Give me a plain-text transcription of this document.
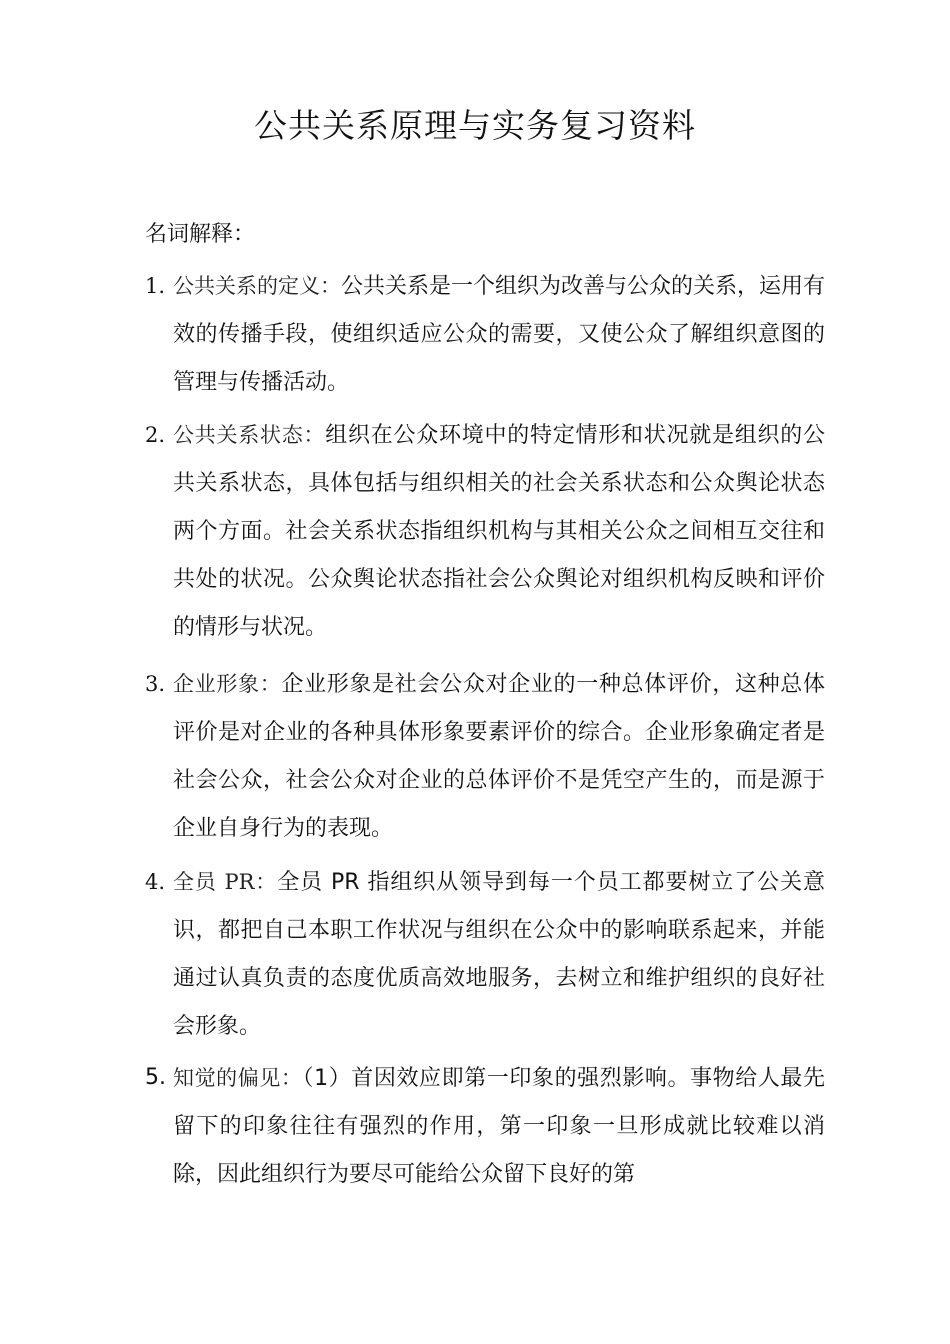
公共关系原理与实务复习资料
名词解释：
1. 公共关系的定义：公共关系是一个组织为改善与公众的关系，运用有效的传播手段，使组织适应公众的需要，又使公众了解组织意图的管理与传播活动。
2. 公共关系状态：组织在公众环境中的特定情形和状况就是组织的公共关系状态，具体包括与组织相关的社会关系状态和公众舆论状态两个方面。社会关系状态指组织机构与其相关公众之间相互交往和共处的状况。公众舆论状态指社会公众舆论对组织机构反映和评价的情形与状况。
3. 企业形象：企业形象是社会公众对企业的一种总体评价，这种总体评价是对企业的各种具体形象要素评价的综合。企业形象确定者是社会公众，社会公众对企业的总体评价不是凭空产生的，而是源于企业自身行为的表现。
4. 全员 PR：全员 PR 指组织从领导到每一个员工都要树立了公关意识，都把自己本职工作状况与组织在公众中的影响联系起来，并能通过认真负责的态度优质高效地服务，去树立和维护组织的良好社会形象。
5. 知觉的偏见：（1）首因效应即第一印象的强烈影响。事物给人最先留下的印象往往有强烈的作用，第一印象一旦形成就比较难以消除，因此组织行为要尽可能给公众留下良好的第
